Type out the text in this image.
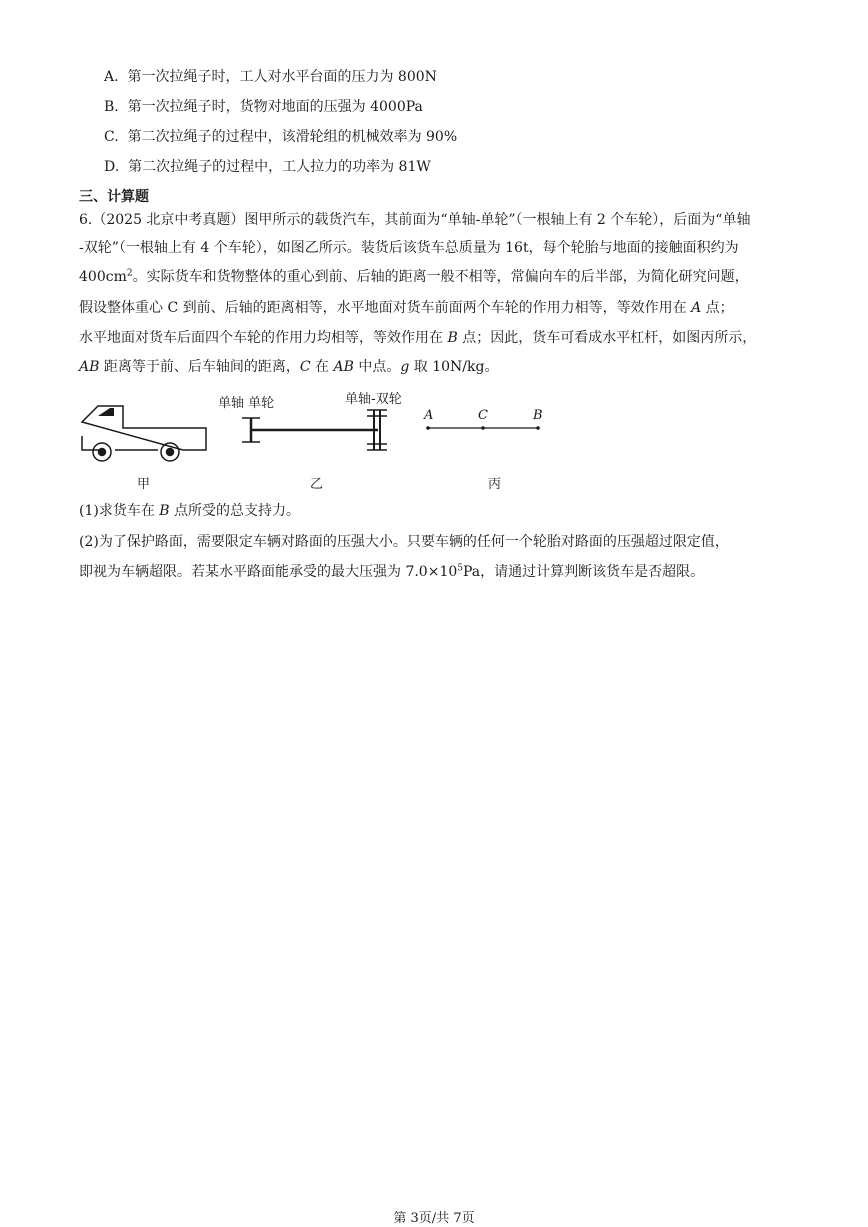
A. 第一次拉绳子时，工人对水平台面的压力为 800N
B. 第一次拉绳子时，货物对地面的压强为 4000Pa
C. 第二次拉绳子的过程中，该滑轮组的机械效率为 90%
D. 第二次拉绳子的过程中，工人拉力的功率为 81W
三、计算题
6.（2025 北京中考真题）图甲所示的载货汽车，其前面为“单轴-单轮”（一根轴上有 2 个车轮），后面为“单轴
-双轮”（一根轴上有 4 个车轮），如图乙所示。装货后该货车总质量为 16t，每个轮胎与地面的接触面积约为
$400cm^2$。实际货车和货物整体的重心到前、后轴的距离一般不相等，常偏向车的后半部，为简化研究问题，
假设整体重心 C 到前、后轴的距离相等，水平地面对货车前面两个车轮的作用力相等，等效作用在 A 点；
水平地面对货车后面四个车轮的作用力均相等，等效作用在 B 点；因此，货车可看成水平杠杆，如图丙所示，
AB 距离等于前、后车轴间的距离，C 在 AB 中点。g 取 10N/kg。
单轴 单轮	单轴-双轮
A	C	B
甲	乙	丙
(1)求货车在 B 点所受的总支持力。
(2)为了保护路面，需要限定车辆对路面的压强大小。只要车辆的任何一个轮胎对路面的压强超过限定值，
即视为车辆超限。若某水平路面能承受的最大压强为 $7.0\times 10^5Pa$，请通过计算判断该货车是否超限。
第 3页/共 7页
